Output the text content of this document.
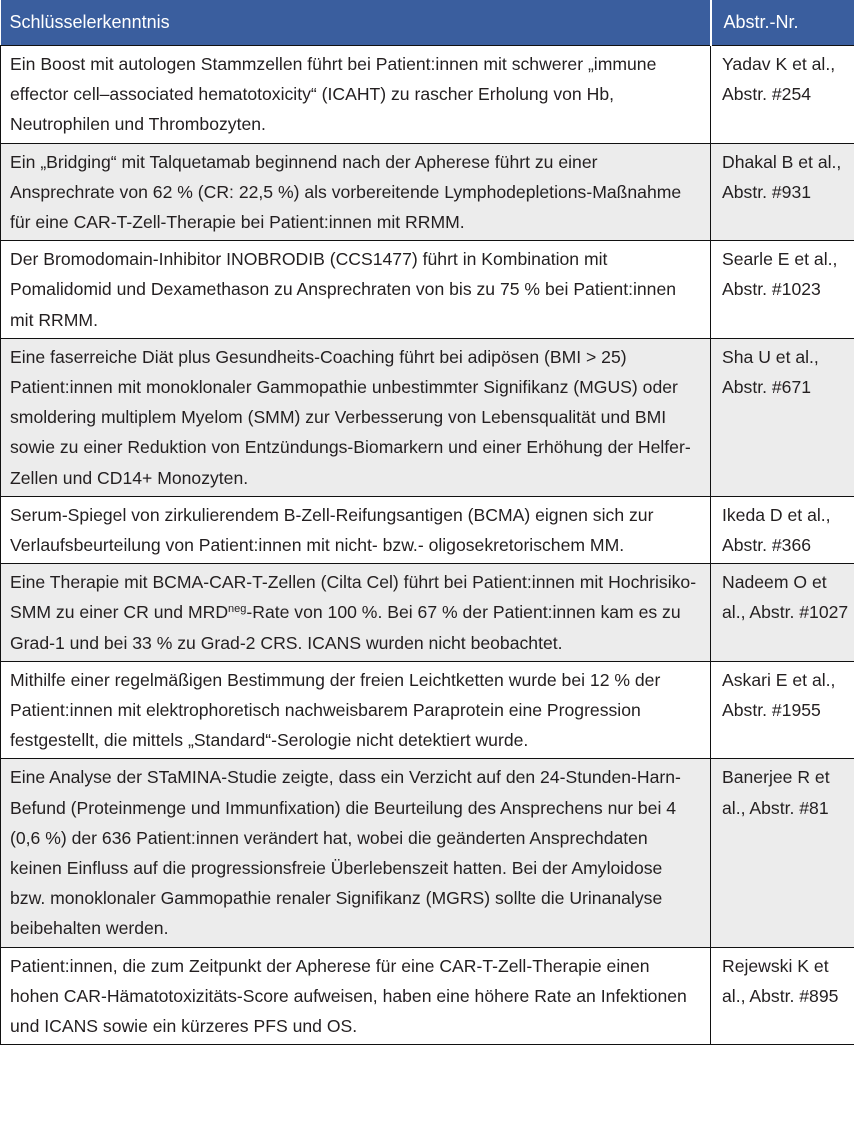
Schlüsselerkenntnis	Abstr.-Nr.
Ein Boost mit autologen Stammzellen führt bei Patient:innen mit schwerer „immune effector cell–associated hematotoxicity“ (ICAHT) zu rascher Erholung von Hb, Neutrophilen und Thrombozyten.	Yadav K et al., Abstr. #254
Ein „Bridging“ mit Talquetamab beginnend nach der Apherese führt zu einer Ansprechrate von 62 % (CR: 22,5 %) als vorbereitende Lymphodepletions-Maßnahme für eine CAR-T-Zell-Therapie bei Patient:innen mit RRMM.	Dhakal B et al., Abstr. #931
Der Bromodomain-Inhibitor INOBRODIB (CCS1477) führt in Kombination mit Pomalidomid und Dexamethason zu Ansprechraten von bis zu 75 % bei Patient:innen mit RRMM.	Searle E et al., Abstr. #1023
Eine faserreiche Diät plus Gesundheits-Coaching führt bei adipösen (BMI > 25) Patient:innen mit monoklonaler Gammopathie unbestimmter Signifikanz (MGUS) oder smoldering multiplem Myelom (SMM) zur Verbesserung von Lebensqualität und BMI sowie zu einer Reduktion von Entzündungs-Biomarkern und einer Erhöhung der Helfer-Zellen und CD14+ Monozyten.	Sha U et al., Abstr. #671
Serum-Spiegel von zirkulierendem B-Zell-Reifungsantigen (BCMA) eignen sich zur Verlaufsbeurteilung von Patient:innen mit nicht- bzw.- oligosekretorischem MM.	Ikeda D et al., Abstr. #366
Eine Therapie mit BCMA-CAR-T-Zellen (Cilta Cel) führt bei Patient:innen mit Hochrisiko-SMM zu einer CR und $MRD^{neg}$-Rate von 100 %. Bei 67 % der Patient:innen kam es zu Grad-1 und bei 33 % zu Grad-2 CRS. ICANS wurden nicht beobachtet.	Nadeem O et al., Abstr. #1027
Mithilfe einer regelmäßigen Bestimmung der freien Leichtketten wurde bei 12 % der Patient:innen mit elektrophoretisch nachweisbarem Paraprotein eine Progression festgestellt, die mittels „Standard“-Serologie nicht detektiert wurde.	Askari E et al., Abstr. #1955
Eine Analyse der STaMINA-Studie zeigte, dass ein Verzicht auf den 24-Stunden-Harn-Befund (Proteinmenge und Immunfixation) die Beurteilung des Ansprechens nur bei 4 (0,6 %) der 636 Patient:innen verändert hat, wobei die geänderten Ansprechdaten keinen Einfluss auf die progressionsfreie Überlebenszeit hatten. Bei der Amyloidose bzw. monoklonaler Gammopathie renaler Signifikanz (MGRS) sollte die Urinanalyse beibehalten werden.	Banerjee R et al., Abstr. #81
Patient:innen, die zum Zeitpunkt der Apherese für eine CAR-T-Zell-Therapie einen hohen CAR-Hämatotoxizitäts-Score aufweisen, haben eine höhere Rate an Infektionen und ICANS sowie ein kürzeres PFS und OS.	Rejewski K et al., Abstr. #895
